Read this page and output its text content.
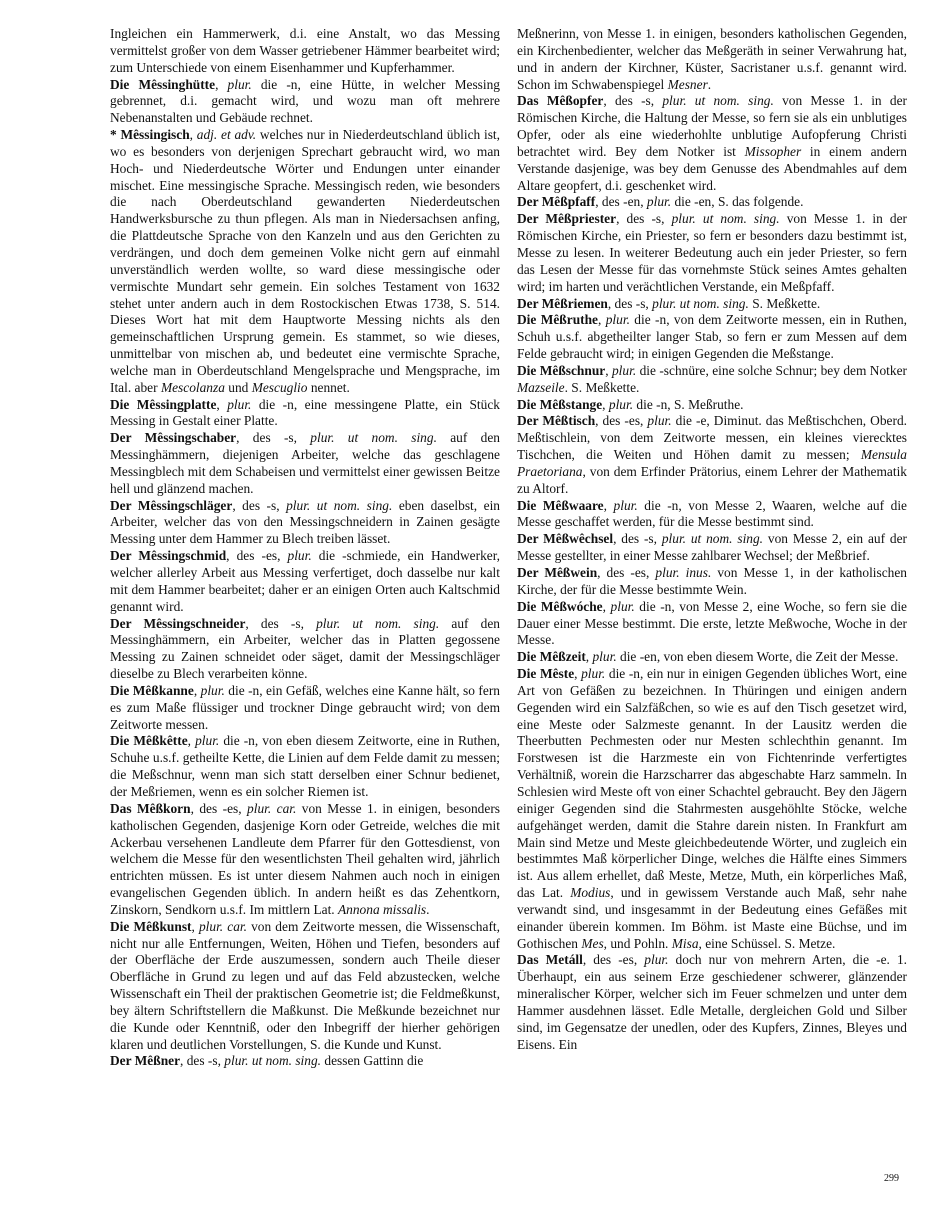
Ingleichen ein Hammerwerk, d.i. eine Anstalt, wo das Messing vermittelst großer von dem Wasser getriebener Hämmer bearbeitet wird; zum Unterschiede von einem Eisenhammer und Kupferhammer.

Die Mêssinghütte, plur. die -n, eine Hütte, in welcher Messing gebrennet, d.i. gemacht wird, und wozu man oft mehrere Nebenanstalten und Gebäude rechnet.

* Mêssingisch, adj. et adv. welches nur in Niederdeutschland üblich ist, wo es besonders von derjenigen Sprechart gebraucht wird, wo man Hoch- und Niederdeutsche Wörter und Endungen unter einander mischet. Eine messingische Sprache. Messingisch reden, wie besonders die nach Oberdeutschland gewanderten Niederdeutschen Handwerksbursche zu thun pflegen. Als man in Niedersachsen anfing, die Plattdeutsche Sprache von den Kanzeln und aus den Gerichten zu verdrängen, und doch dem gemeinen Volke nicht gern auf einmahl unverständlich werden wollte, so ward diese messingische oder vermischte Mundart sehr gemein. Ein solches Testament von 1632 stehet unter andern auch in dem Rostockischen Etwas 1738, S. 514. Dieses Wort hat mit dem Hauptworte Messing nichts als den gemeinschaftlichen Ursprung gemein. Es stammet, so wie dieses, unmittelbar von mischen ab, und bedeutet eine vermischte Sprache, welche man in Oberdeutschland Mengelsprache und Mengsprache, im Ital. aber Mescolanza und Mescuglio nennet.

Die Mêssingplatte, plur. die -n, eine messingene Platte, ein Stück Messing in Gestalt einer Platte.

Der Mêssingschaber, des -s, plur. ut nom. sing. auf den Messinghämmern, diejenigen Arbeiter, welche das geschlagene Messingblech mit dem Schabeisen und vermittelst einer gewissen Beitze hell und glänzend machen.

Der Mêssingschläger, des -s, plur. ut nom. sing. eben daselbst, ein Arbeiter, welcher das von den Messingschneidern in Zainen gesägte Messing unter dem Hammer zu Blech treiben lässet.

Der Mêssingschmid, des -es, plur. die -schmiede, ein Handwerker, welcher allerley Arbeit aus Messing verfertiget, doch dasselbe nur kalt mit dem Hammer bearbeitet; daher er an einigen Orten auch Kaltschmid genannt wird.

Der Mêssingschneider, des -s, plur. ut nom. sing. auf den Messinghämmern, ein Arbeiter, welcher das in Platten gegossene Messing zu Zainen schneidet oder säget, damit der Messingschläger dieselbe zu Blech verarbeiten könne.

Die Mêßkanne, plur. die -n, ein Gefäß, welches eine Kanne hält, so fern es zum Maße flüssiger und trockner Dinge gebraucht wird; von dem Zeitworte messen.

Die Mêßkêtte, plur. die -n, von eben diesem Zeitworte, eine in Ruthen, Schuhe u.s.f. getheilte Kette, die Linien auf dem Felde damit zu messen; die Meßschnur, wenn man sich statt derselben einer Schnur bedienet, der Meßriemen, wenn es ein solcher Riemen ist.

Das Mêßkorn, des -es, plur. car. von Messe 1. in einigen, besonders katholischen Gegenden, dasjenige Korn oder Getreide, welches die mit Ackerbau versehenen Landleute dem Pfarrer für den Gottesdienst, von welchem die Messe für den wesentlichsten Theil gehalten wird, jährlich entrichten müssen. Es ist unter diesem Nahmen auch noch in einigen evangelischen Gegenden üblich. In andern heißt es das Zehentkorn, Zinskorn, Sendkorn u.s.f. Im mittlern Lat. Annona missalis.

Die Mêßkunst, plur. car. von dem Zeitworte messen, die Wissenschaft, nicht nur alle Entfernungen, Weiten, Höhen und Tiefen, besonders auf der Oberfläche der Erde auszumessen, sondern auch Theile dieser Oberfläche in Grund zu legen und auf das Feld abzustecken, welche Wissenschaft ein Theil der praktischen Geometrie ist; die Feldmeßkunst, bey ältern Schriftstellern die Maßkunst. Die Meßkunde bezeichnet nur die Kunde oder Kenntniß, oder den Inbegriff der hierher gehörigen klaren und deutlichen Vorstellungen, S. die Kunde und Kunst.

Der Mêßner, des -s, plur. ut nom. sing. dessen Gattinn die

Meßnerinn, von Messe 1. in einigen, besonders katholischen Gegenden, ein Kirchenbedienter, welcher das Meßgeräth in seiner Verwahrung hat, und in andern der Kirchner, Küster, Sacristaner u.s.f. genannt wird. Schon im Schwabenspiegel Mesner.

Das Mêßopfer, des -s, plur. ut nom. sing. von Messe 1. in der Römischen Kirche, die Haltung der Messe, so fern sie als ein unblutiges Opfer, oder als eine wiederhohlte unblutige Aufopferung Christi betrachtet wird. Bey dem Notker ist Missopher in einem andern Verstande dasjenige, was bey dem Genusse des Abendmahles auf dem Altare geopfert, d.i. geschenket wird.

Der Mêßpfaff, des -en, plur. die -en, S. das folgende.

Der Mêßpriester, des -s, plur. ut nom. sing. von Messe 1. in der Römischen Kirche, ein Priester, so fern er besonders dazu bestimmt ist, Messe zu lesen. In weiterer Bedeutung auch ein jeder Priester, so fern das Lesen der Messe für das vornehmste Stück seines Amtes gehalten wird; im harten und verächtlichen Verstande, ein Meßpfaff.

Der Mêßriemen, des -s, plur. ut nom. sing. S. Meßkette.

Die Mêßruthe, plur. die -n, von dem Zeitworte messen, ein in Ruthen, Schuh u.s.f. abgetheilter langer Stab, so fern er zum Messen auf dem Felde gebraucht wird; in einigen Gegenden die Meßstange.

Die Mêßschnur, plur. die -schnüre, eine solche Schnur; bey dem Notker Mazseile. S. Meßkette.

Die Mêßstange, plur. die -n, S. Meßruthe.

Der Mêßtisch, des -es, plur. die -e, Diminut. das Meßtischchen, Oberd. Meßtischlein, von dem Zeitworte messen, ein kleines vierecktes Tischchen, die Weiten und Höhen damit zu messen; Mensula Praetoriana, von dem Erfinder Prätorius, einem Lehrer der Mathematik zu Altorf.

Die Mêßwaare, plur. die -n, von Messe 2, Waaren, welche auf die Messe geschaffet werden, für die Messe bestimmt sind.

Der Mêßwêchsel, des -s, plur. ut nom. sing. von Messe 2, ein auf der Messe gestellter, in einer Messe zahlbarer Wechsel; der Meßbrief.

Der Mêßwein, des -es, plur. inus. von Messe 1, in der katholischen Kirche, der für die Messe bestimmte Wein.

Die Mêßwóche, plur. die -n, von Messe 2, eine Woche, so fern sie die Dauer einer Messe bestimmt. Die erste, letzte Meßwoche, Woche in der Messe.

Die Mêßzeit, plur. die -en, von eben diesem Worte, die Zeit der Messe.

Die Mêste, plur. die -n, ein nur in einigen Gegenden übliches Wort, eine Art von Gefäßen zu bezeichnen. In Thüringen und einigen andern Gegenden wird ein Salzfäßchen, so wie es auf den Tisch gesetzet wird, eine Meste oder Salzmeste genannt. In der Lausitz werden die Theerbutten Pechmesten oder nur Mesten schlechthin genannt. Im Forstwesen ist die Harzmeste ein von Fichtenrinde verfertigtes Verhältniß, worein die Harzscharrer das abgeschabte Harz sammeln. In Schlesien wird Meste oft von einer Schachtel gebraucht. Bey den Jägern einiger Gegenden sind die Stahrmesten ausgehöhlte Stöcke, welche aufgehänget werden, damit die Stahre darein nisten. In Frankfurt am Main sind Metze und Meste gleichbedeutende Wörter, und zugleich ein bestimmtes Maß körperlicher Dinge, welches die Hälfte eines Simmers ist. Aus allem erhellet, daß Meste, Metze, Muth, ein körperliches Maß, das Lat. Modius, und in gewissem Verstande auch Maß, sehr nahe verwandt sind, und insgesammt in der Bedeutung eines Gefäßes mit einander überein kommen. Im Böhm. ist Maste eine Büchse, und im Gothischen Mes, und Pohln. Misa, eine Schüssel. S. Metze.

Das Metáll, des -es, plur. doch nur von mehrern Arten, die -e. 1. Überhaupt, ein aus seinem Erze geschiedener schwerer, glänzender mineralischer Körper, welcher sich im Feuer schmelzen und unter dem Hammer ausdehnen lässet. Edle Metalle, dergleichen Gold und Silber sind, im Gegensatze der unedlen, oder des Kupfers, Zinnes, Bleyes und Eisens. Ein

299
